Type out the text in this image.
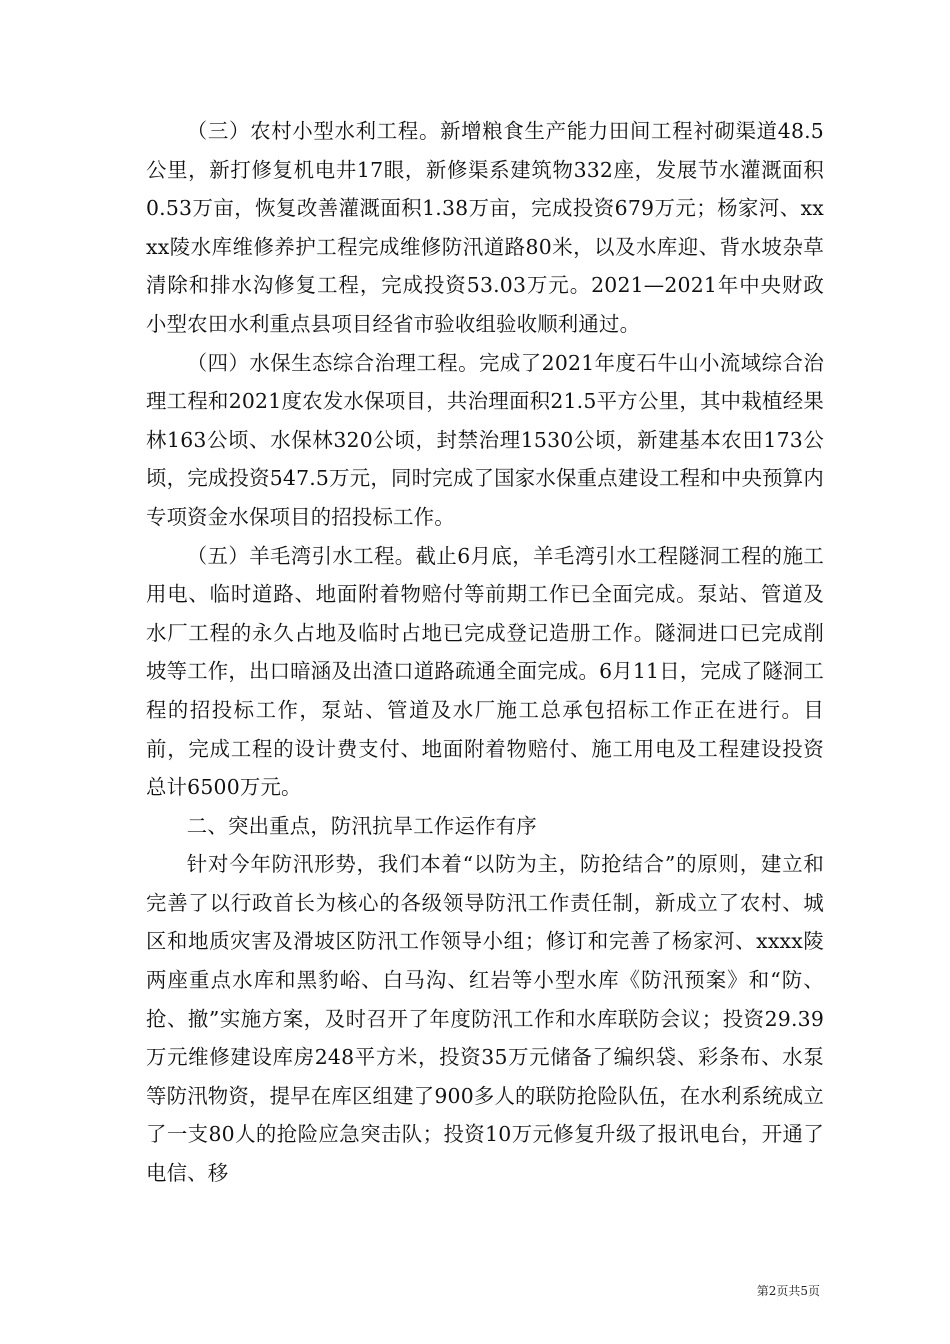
（三）农村小型水利工程。新增粮食生产能力田间工程衬砌渠道48.5公里，新打修复机电井17眼，新修渠系建筑物332座，发展节水灌溉面积0.53万亩，恢复改善灌溉面积1.38万亩，完成投资679万元；杨家河、xxxx陵水库维修养护工程完成维修防汛道路80米，以及水库迎、背水坡杂草清除和排水沟修复工程，完成投资53.03万元。2021—2021年中央财政小型农田水利重点县项目经省市验收组验收顺利通过。

（四）水保生态综合治理工程。完成了2021年度石牛山小流域综合治理工程和2021度农发水保项目，共治理面积21.5平方公里，其中栽植经果林163公顷、水保林320公顷，封禁治理1530公顷，新建基本农田173公顷，完成投资547.5万元，同时完成了国家水保重点建设工程和中央预算内专项资金水保项目的招投标工作。

（五）羊毛湾引水工程。截止6月底，羊毛湾引水工程隧洞工程的施工用电、临时道路、地面附着物赔付等前期工作已全面完成。泵站、管道及水厂工程的永久占地及临时占地已完成登记造册工作。隧洞进口已完成削坡等工作，出口暗涵及出渣口道路疏通全面完成。6月11日，完成了隧洞工程的招投标工作，泵站、管道及水厂施工总承包招标工作正在进行。目前，完成工程的设计费支付、地面附着物赔付、施工用电及工程建设投资总计6500万元。

二、突出重点，防汛抗旱工作运作有序

针对今年防汛形势，我们本着“以防为主，防抢结合”的原则，建立和完善了以行政首长为核心的各级领导防汛工作责任制，新成立了农村、城区和地质灾害及滑坡区防汛工作领导小组；修订和完善了杨家河、xxxx陵两座重点水库和黑豹峪、白马沟、红岩等小型水库《防汛预案》和“防、抢、撤”实施方案，及时召开了年度防汛工作和水库联防会议；投资29.39万元维修建设库房248平方米，投资35万元储备了编织袋、彩条布、水泵等防汛物资，提早在库区组建了900多人的联防抢险队伍，在水利系统成立了一支80人的抢险应急突击队；投资10万元修复升级了报讯电台，开通了电信、移

第2页共5页
